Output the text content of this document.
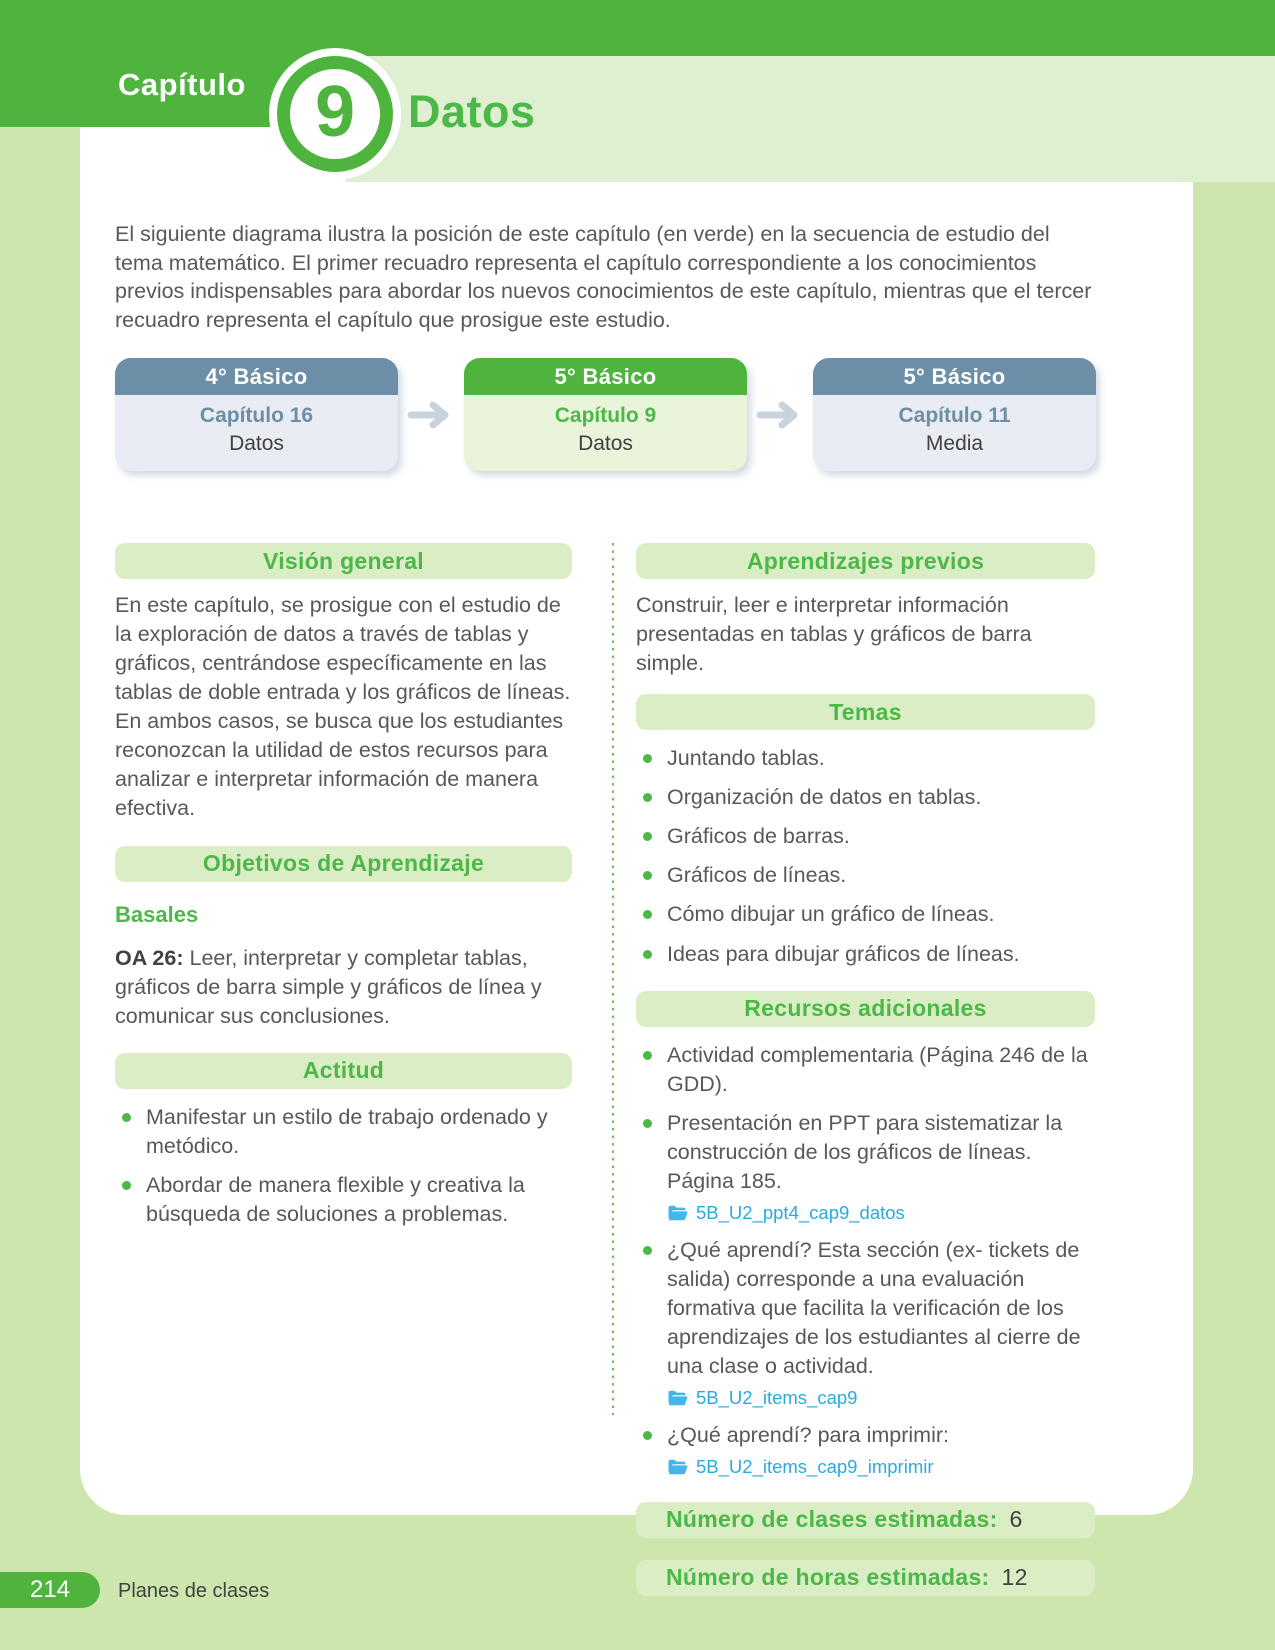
Capítulo 9 Datos

El siguiente diagrama ilustra la posición de este capítulo (en verde) en la secuencia de estudio del tema matemático. El primer recuadro representa el capítulo correspondiente a los conocimientos previos indispensables para abordar los nuevos conocimientos de este capítulo, mientras que el tercer recuadro representa el capítulo que prosigue este estudio.

4° Básico
Capítulo 16
Datos
5° Básico
Capítulo 9
Datos
5° Básico
Capítulo 11
Media
Visión general

En este capítulo, se prosigue con el estudio de la exploración de datos a través de tablas y gráficos, centrándose específicamente en las tablas de doble entrada y los gráficos de líneas. En ambos casos, se busca que los estudiantes reconozcan la utilidad de estos recursos para analizar e interpretar información de manera efectiva.

Objetivos de Aprendizaje

Basales

OA 26: Leer, interpretar y completar tablas, gráficos de barra simple y gráficos de línea y comunicar sus conclusiones.

Actitud
Manifestar un estilo de trabajo ordenado y metódico.
Abordar de manera flexible y creativa la búsqueda de soluciones a problemas.
Aprendizajes previos

Construir, leer e interpretar información presentadas en tablas y gráficos de barra simple.

Temas
Juntando tablas.
Organización de datos en tablas.
Gráficos de barras.
Gráficos de líneas.
Cómo dibujar un gráfico de líneas.
Ideas para dibujar gráficos de líneas.
Recursos adicionales
Actividad complementaria (Página 246 de la GDD).
Presentación en PPT para sistematizar la construcción de los gráficos de líneas. Página 185.
5B_U2_ppt4_cap9_datos
¿Qué aprendí? Esta sección (ex- tickets de salida) corresponde a una evaluación formativa que facilita la verificación de los aprendizajes de los estudiantes al cierre de una clase o actividad.
5B_U2_items_cap9
¿Qué aprendí? para imprimir:
5B_U2_items_cap9_imprimir
Número de clases estimadas: 6
Número de horas estimadas: 12
214	Planes de clases
